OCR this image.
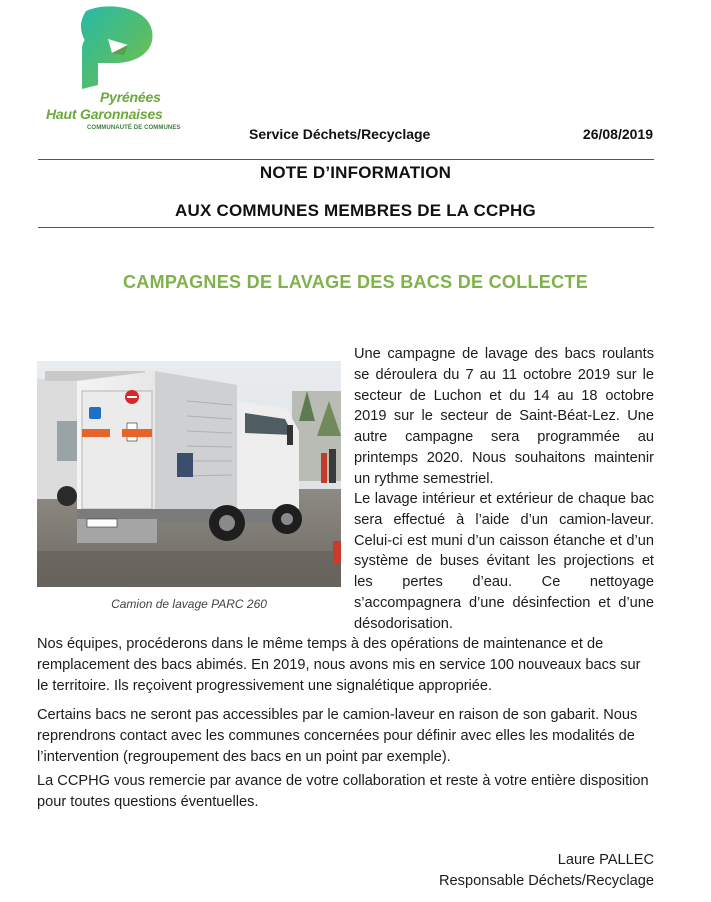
Pyrénées
Haut Garonnaises
COMMUNAUTÉ DE COMMUNES	Service Déchets/Recyclage	26/08/2019
NOTE D’INFORMATION
AUX COMMUNES MEMBRES DE LA CCPHG
CAMPAGNES DE LAVAGE DES BACS DE COLLECTE
Camion de lavage PARC 260
Une campagne de lavage des bacs roulants se déroulera du 7 au 11 octobre 2019 sur le secteur de Luchon et du 14 au 18 octobre 2019 sur le secteur de Saint-Béat-Lez. Une autre campagne sera programmée au printemps 2020. Nous souhaitons maintenir un rythme semestriel.
Le lavage intérieur et extérieur de chaque bac sera effectué à l’aide d’un camion-laveur. Celui-ci est muni d’un caisson étanche et d’un système de buses évitant les projections et les pertes d’eau. Ce nettoyage s’accompagnera d’une désinfection et d’une désodorisation.
Nos équipes, procéderons dans le même temps à des opérations de maintenance et de remplacement des bacs abimés. En 2019, nous avons mis en service 100 nouveaux bacs sur le territoire. Ils reçoivent progressivement une signalétique appropriée.
Certains bacs ne seront pas accessibles par le camion-laveur en raison de son gabarit. Nous reprendrons contact avec les communes concernées pour définir avec elles les modalités de l’intervention (regroupement des bacs en un point par exemple).
La CCPHG vous remercie par avance de votre collaboration et reste à votre entière disposition pour toutes questions éventuelles.
Laure PALLEC
Responsable Déchets/Recyclage
